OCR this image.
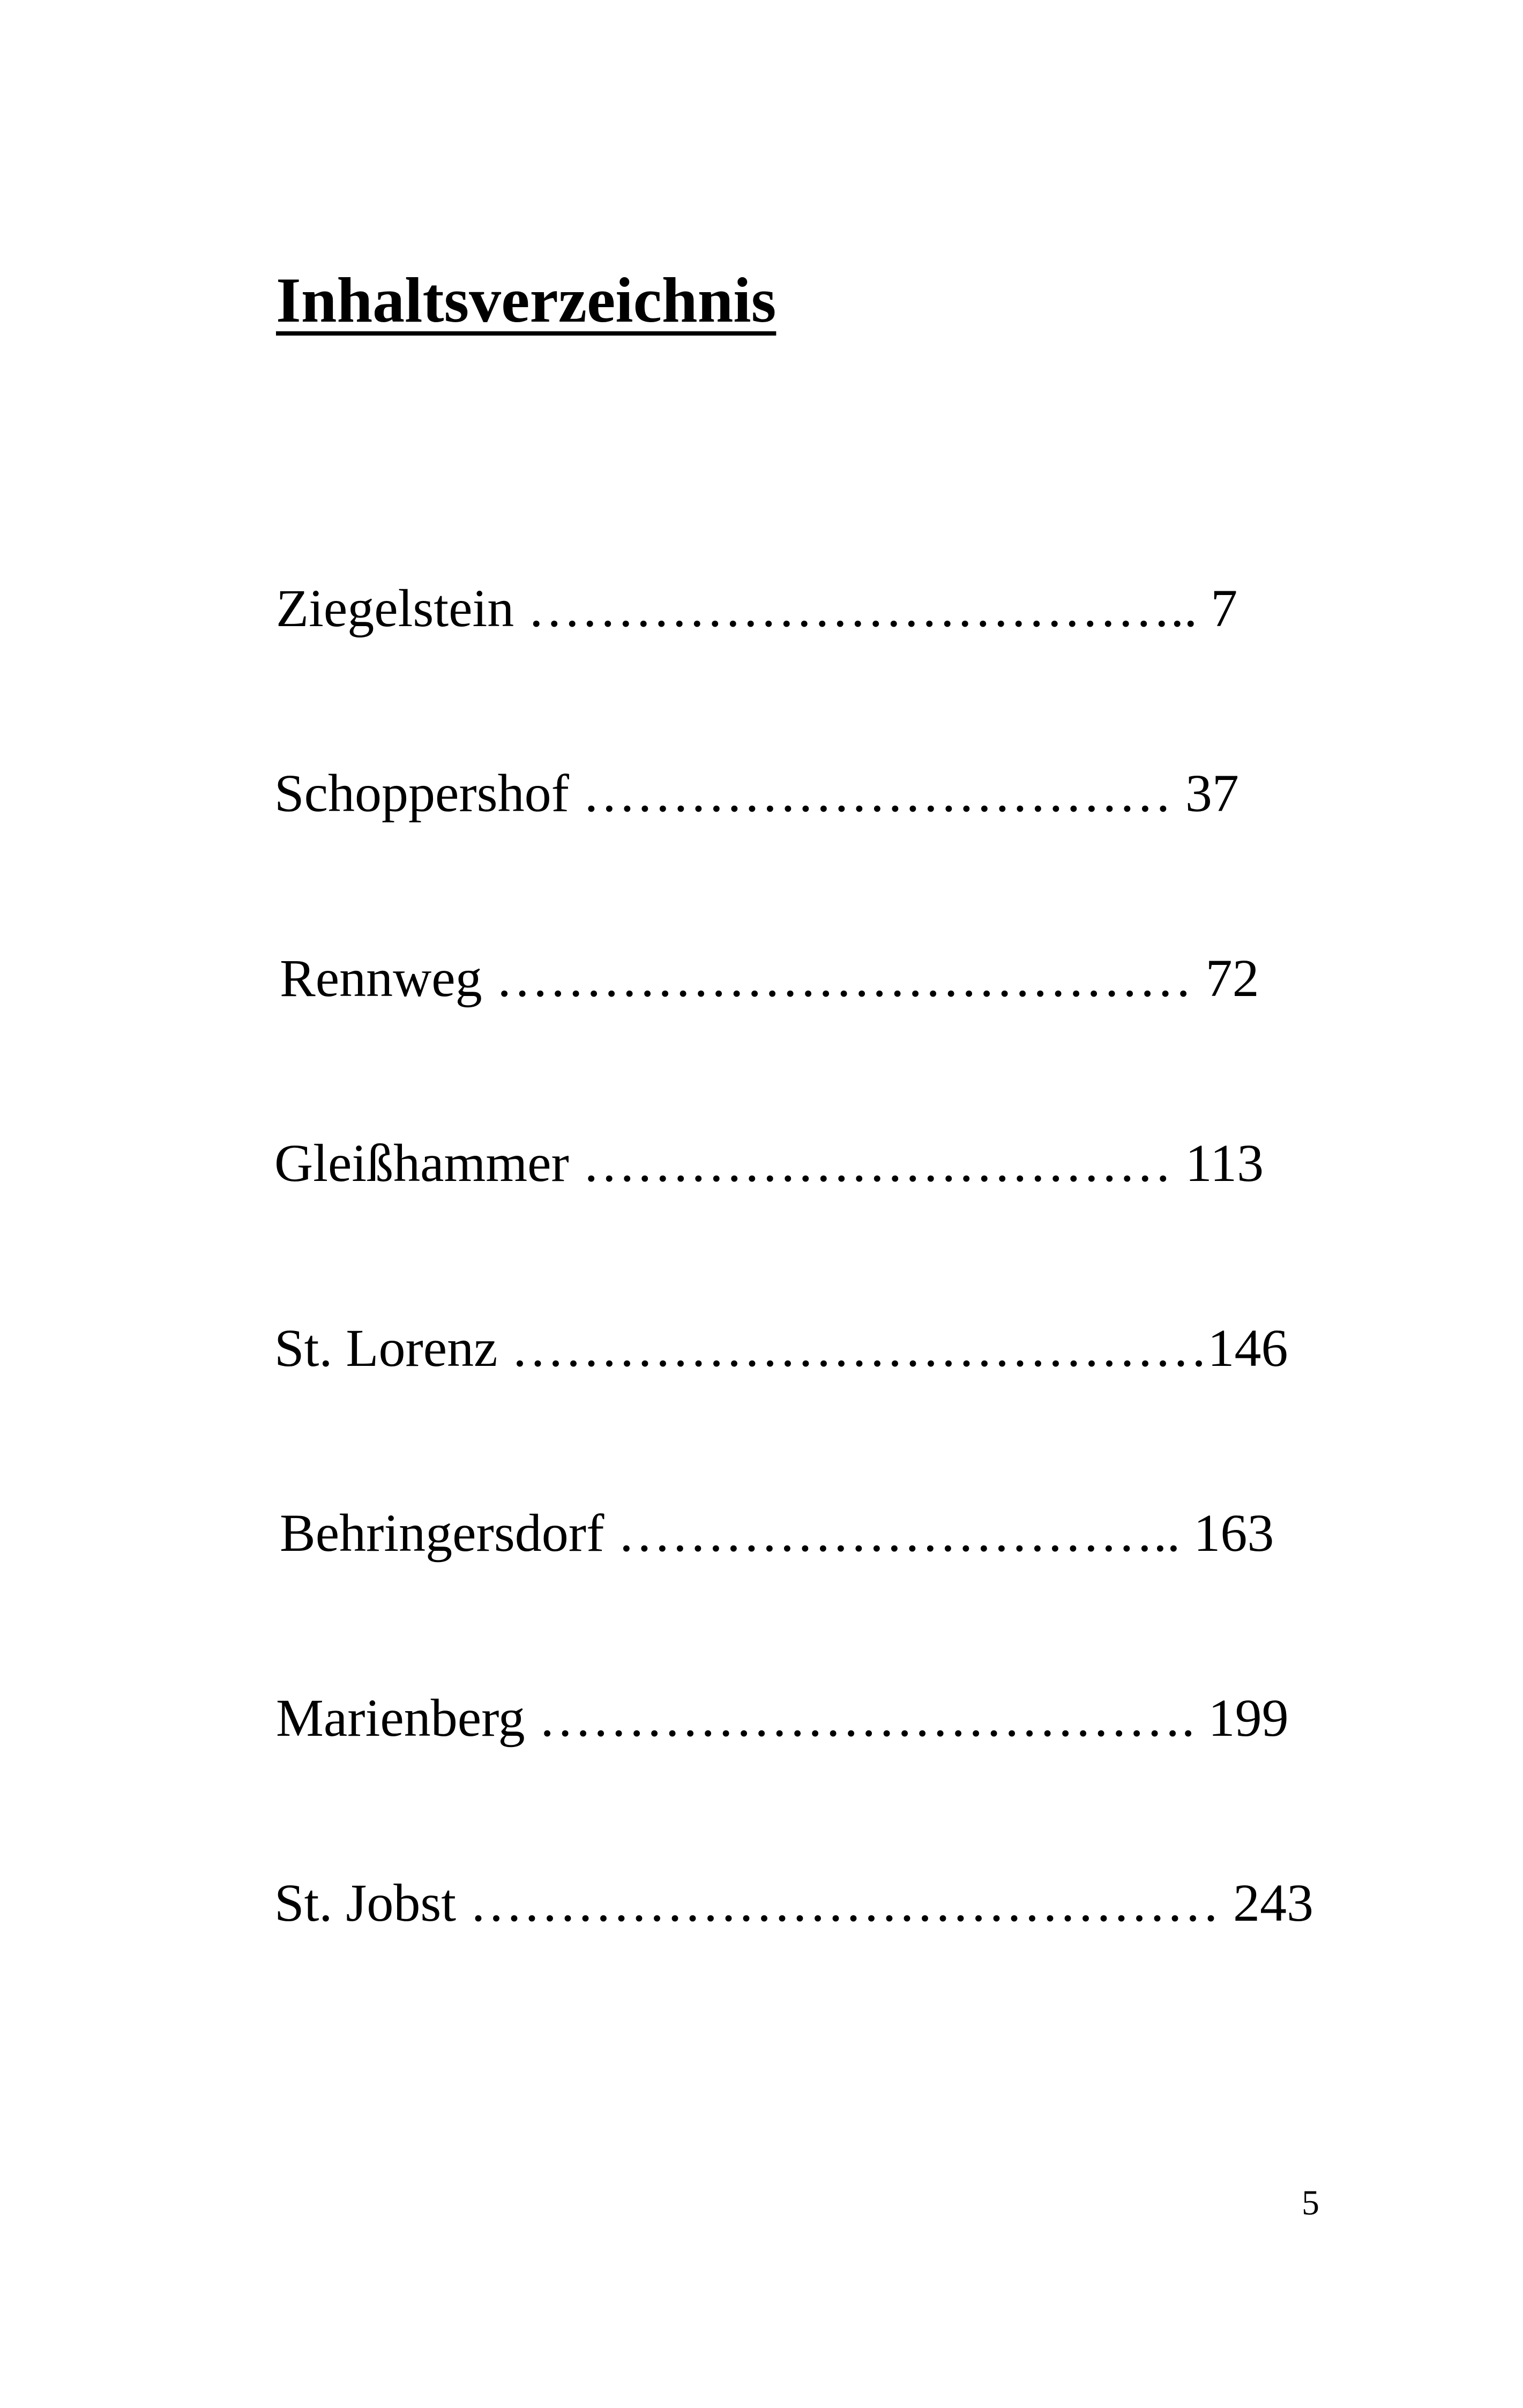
Inhaltsverzeichnis
Ziegelstein ……………………………….. 7
Schoppershof …………………………… 37
Rennweg ………………………………… 72
Gleißhammer …………………………… 113
St. Lorenz …………………………………146
Behringersdorf ………………………….. 163
Marienberg ………………………………. 199
St. Jobst …………………………………… 243
5
